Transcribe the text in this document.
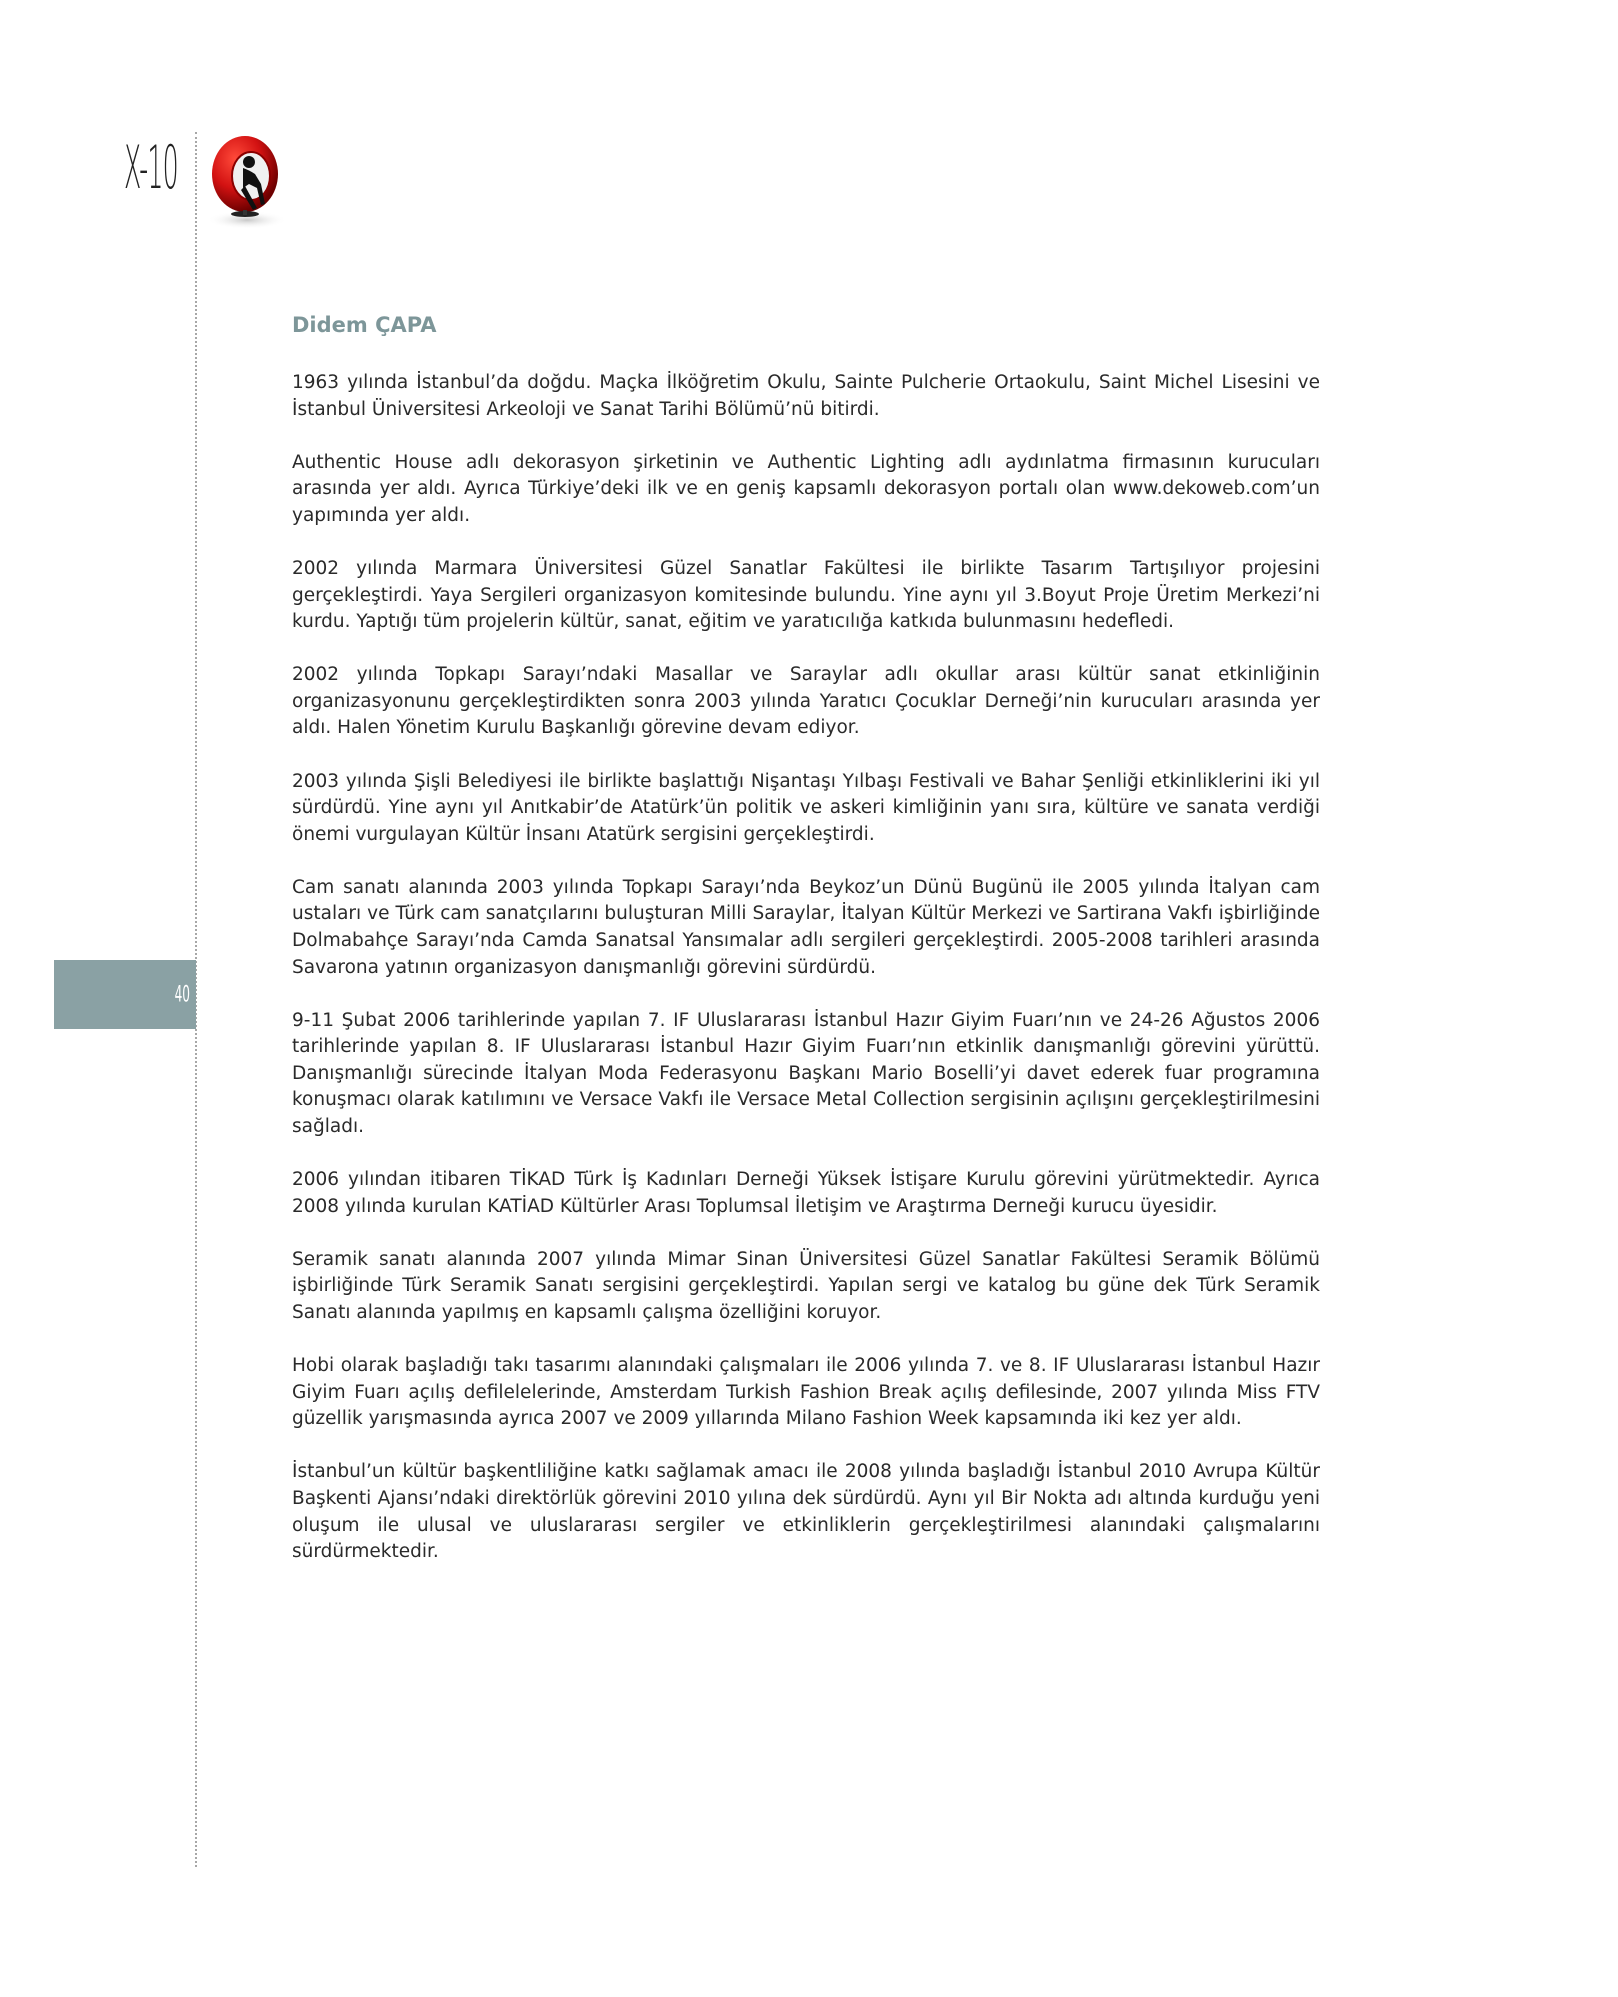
X-10
40
Didem ÇAPA

1963 yılında İstanbul’da doğdu. Maçka İlköğretim Okulu, Sainte Pulcherie Ortaokulu, Saint Michel Lisesini ve İstanbul Üniversitesi Arkeoloji ve Sanat Tarihi Bölümü’nü bitirdi.

Authentic House adlı dekorasyon şirketinin ve Authentic Lighting adlı aydınlatma firmasının kurucuları arasında yer aldı. Ayrıca Türkiye’deki ilk ve en geniş kapsamlı dekorasyon portalı olan www.dekoweb.com’un yapımında yer aldı.

2002 yılında Marmara Üniversitesi Güzel Sanatlar Fakültesi ile birlikte Tasarım Tartışılıyor projesini gerçekleştirdi. Yaya Sergileri organizasyon komitesinde bulundu. Yine aynı yıl 3.Boyut Proje Üretim Merkezi’ni kurdu. Yaptığı tüm projelerin kültür, sanat, eğitim ve yaratıcılığa katkıda bulunmasını hedefledi.

2002 yılında Topkapı Sarayı’ndaki Masallar ve Saraylar adlı okullar arası kültür sanat etkinliğinin organizasyonunu gerçekleştirdikten sonra 2003 yılında Yaratıcı Çocuklar Derneği’nin kurucuları arasında yer aldı. Halen Yönetim Kurulu Başkanlığı görevine devam ediyor.

2003 yılında Şişli Belediyesi ile birlikte başlattığı Nişantaşı Yılbaşı Festivali ve Bahar Şenliği etkinliklerini iki yıl sürdürdü. Yine aynı yıl Anıtkabir’de Atatürk’ün politik ve askeri kimliğinin yanı sıra, kültüre ve sanata verdiği önemi vurgulayan Kültür İnsanı Atatürk sergisini gerçekleştirdi.

Cam sanatı alanında 2003 yılında Topkapı Sarayı’nda Beykoz’un Dünü Bugünü ile 2005 yılında İtalyan cam ustaları ve Türk cam sanatçılarını buluşturan Milli Saraylar, İtalyan Kültür Merkezi ve Sartirana Vakfı işbirliğinde Dolmabahçe Sarayı’nda Camda Sanatsal Yansımalar adlı sergileri gerçekleştirdi. 2005-2008 tarihleri arasında Savarona yatının organizasyon danışmanlığı görevini sürdürdü.

9-11 Şubat 2006 tarihlerinde yapılan 7. IF Uluslararası İstanbul Hazır Giyim Fuarı’nın ve 24-26 Ağustos 2006 tarihlerinde yapılan 8. IF Uluslararası İstanbul Hazır Giyim Fuarı’nın etkinlik danışmanlığı görevini yürüttü. Danışmanlığı sürecinde İtalyan Moda Federasyonu Başkanı Mario Boselli’yi davet ederek fuar programına konuşmacı olarak katılımını ve Versace Vakfı ile Versace Metal Collection sergisinin açılışını gerçekleştirilmesini sağladı.

2006 yılından itibaren TİKAD Türk İş Kadınları Derneği Yüksek İstişare Kurulu görevini yürütmektedir. Ayrıca 2008 yılında kurulan KATİAD Kültürler Arası Toplumsal İletişim ve Araştırma Derneği kurucu üyesidir.

Seramik sanatı alanında 2007 yılında Mimar Sinan Üniversitesi Güzel Sanatlar Fakültesi Seramik Bölümü işbirliğinde Türk Seramik Sanatı sergisini gerçekleştirdi. Yapılan sergi ve katalog bu güne dek Türk Seramik Sanatı alanında yapılmış en kapsamlı çalışma özelliğini koruyor.

Hobi olarak başladığı takı tasarımı alanındaki çalışmaları ile 2006 yılında 7. ve 8. IF Uluslararası İstanbul Hazır Giyim Fuarı açılış defilelelerinde, Amsterdam Turkish Fashion Break açılış defilesinde, 2007 yılında Miss FTV güzellik yarışmasında ayrıca 2007 ve 2009 yıllarında Milano Fashion Week kapsamında iki kez yer aldı.

İstanbul’un kültür başkentliliğine katkı sağlamak amacı ile 2008 yılında başladığı İstanbul 2010 Avrupa Kültür Başkenti Ajansı’ndaki direktörlük görevini 2010 yılına dek sürdürdü. Aynı yıl Bir Nokta adı altında kurduğu yeni oluşum ile ulusal ve uluslararası sergiler ve etkinliklerin gerçekleştirilmesi alanındaki çalışmalarını sürdürmektedir.
